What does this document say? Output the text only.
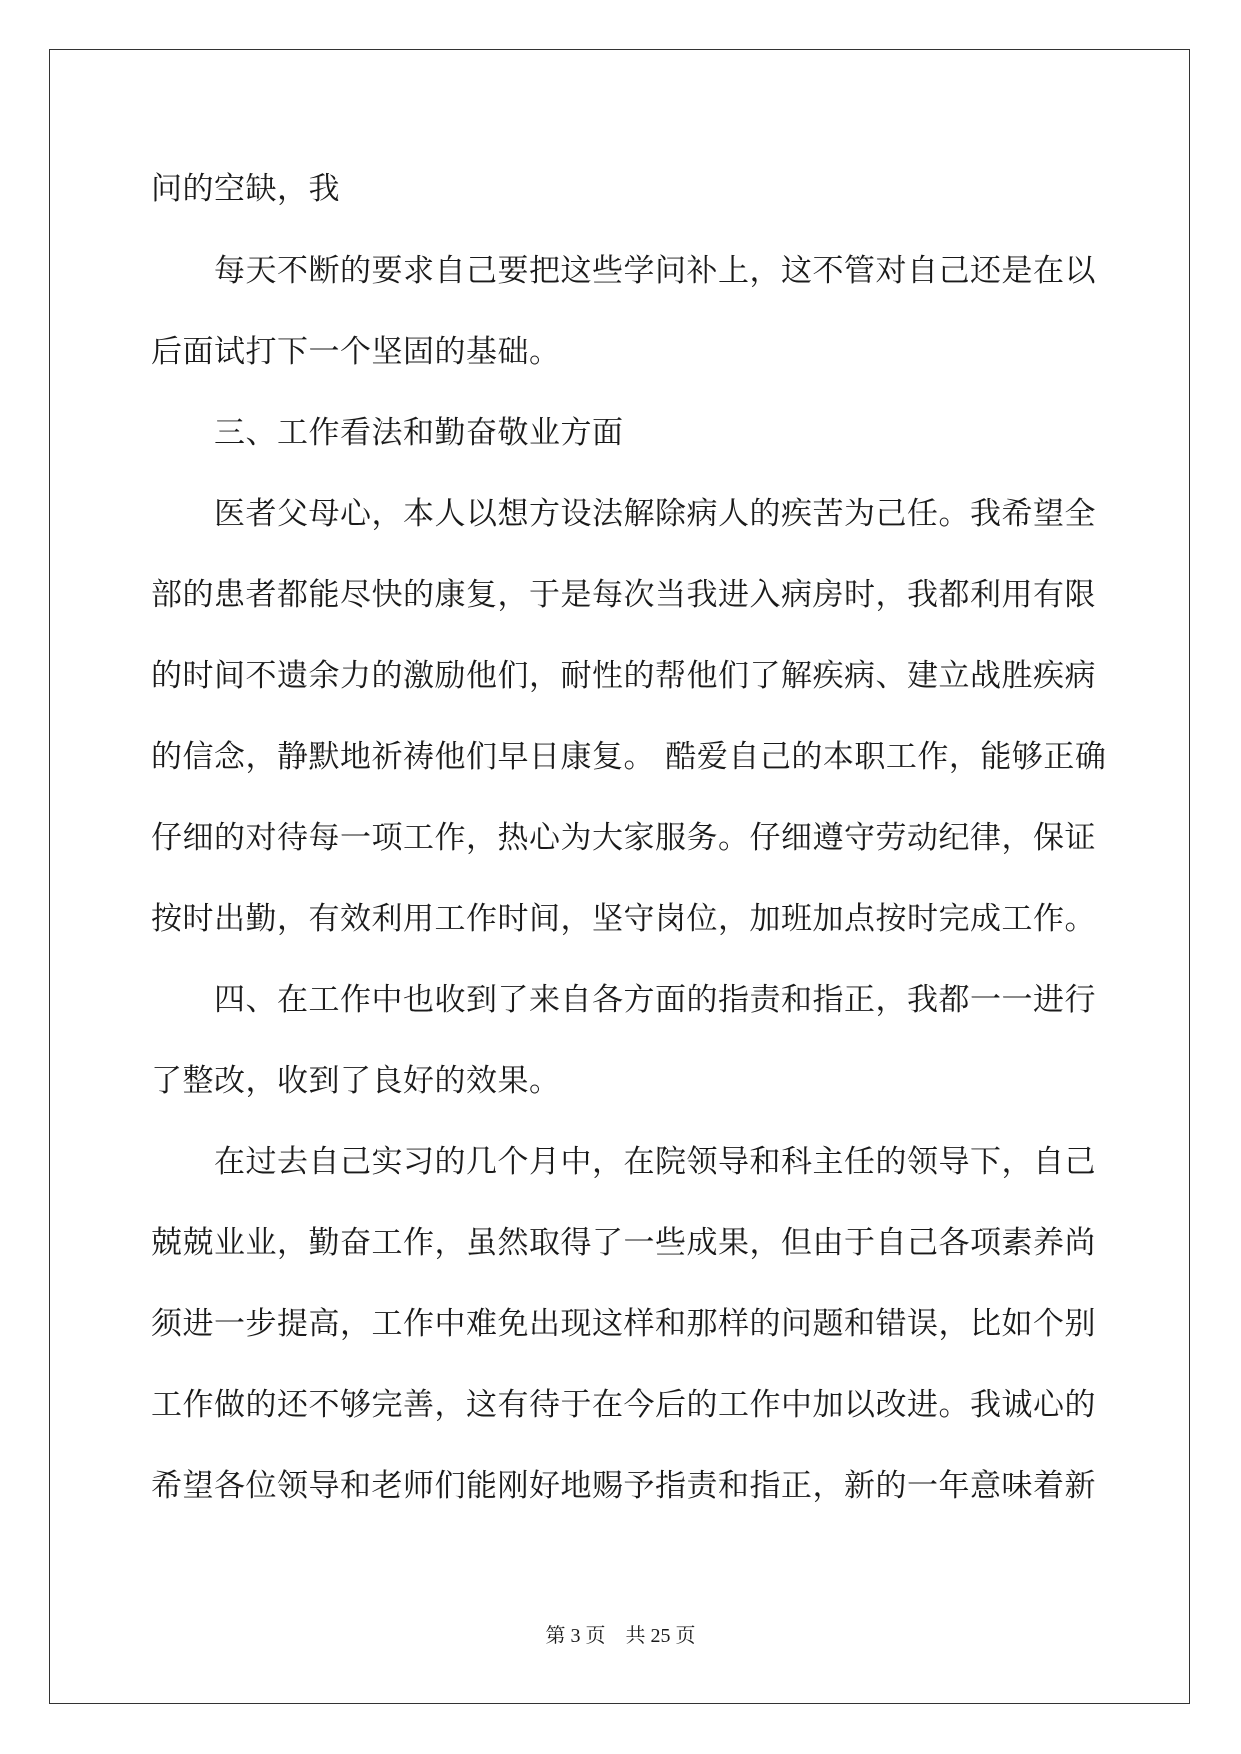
问的空缺，我
每天不断的要求自己要把这些学问补上，这不管对自己还是在以
后面试打下一个坚固的基础。
三、工作看法和勤奋敬业方面
医者父母心，本人以想方设法解除病人的疾苦为己任。我希望全
部的患者都能尽快的康复，于是每次当我进入病房时，我都利用有限
的时间不遗余力的激励他们，耐性的帮他们了解疾病、建立战胜疾病
的信念，静默地祈祷他们早日康复。 酷爱自己的本职工作，能够正确
仔细的对待每一项工作，热心为大家服务。仔细遵守劳动纪律，保证
按时出勤，有效利用工作时间，坚守岗位，加班加点按时完成工作。
四、在工作中也收到了来自各方面的指责和指正，我都一一进行
了整改，收到了良好的效果。
在过去自己实习的几个月中，在院领导和科主任的领导下，自己
兢兢业业，勤奋工作，虽然取得了一些成果，但由于自己各项素养尚
须进一步提高，工作中难免出现这样和那样的问题和错误，比如个别
工作做的还不够完善，这有待于在今后的工作中加以改进。我诚心的
希望各位领导和老师们能刚好地赐予指责和指正，新的一年意味着新
第 3 页 共 25 页
